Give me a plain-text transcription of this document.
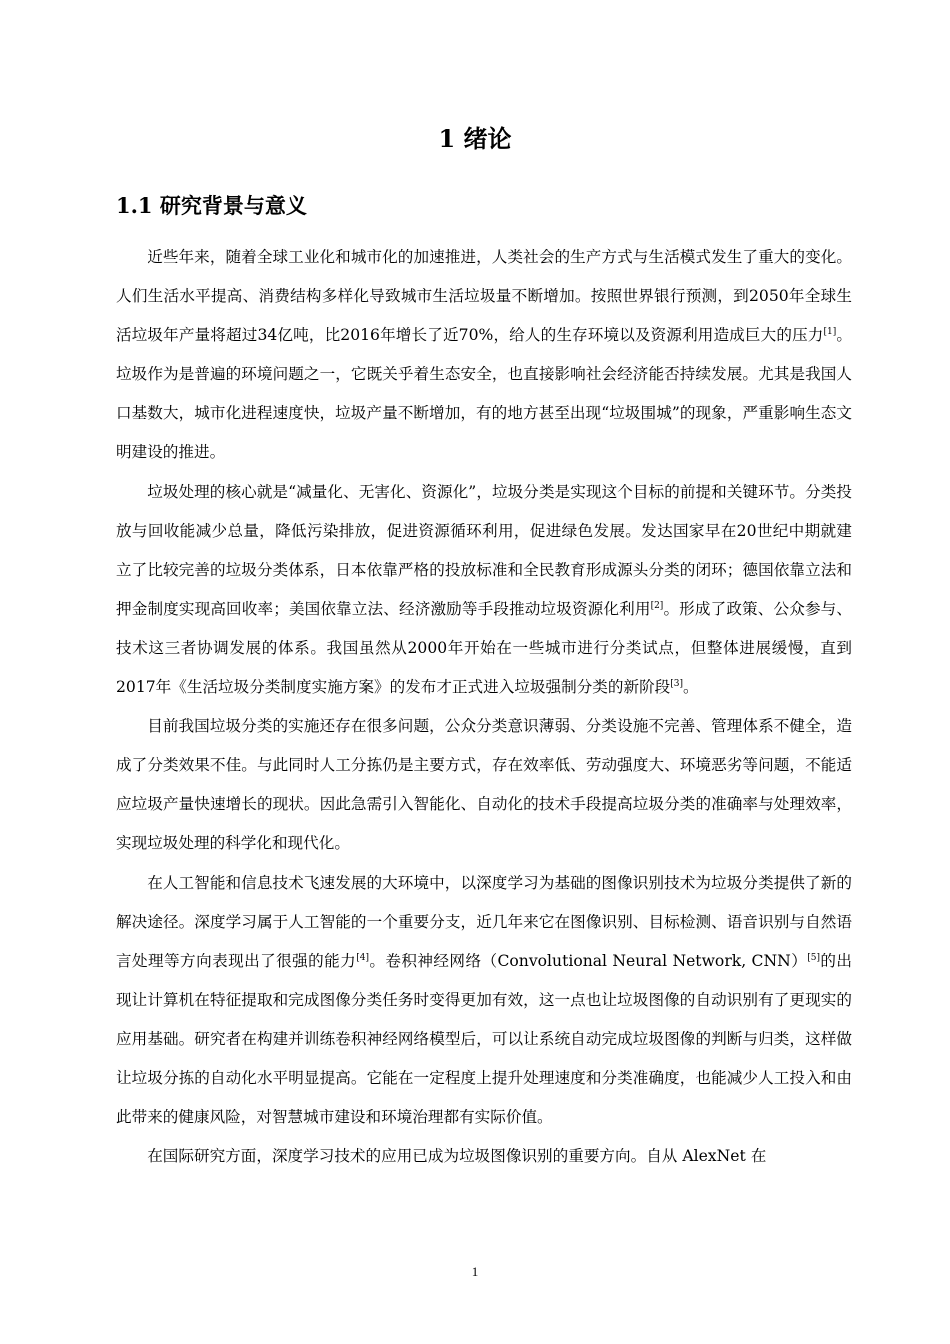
1 绪论
1.1 研究背景与意义

近些年来，随着全球工业化和城市化的加速推进，人类社会的生产方式与生活模式发生了重大的变化。人们生活水平提高、消费结构多样化导致城市生活垃圾量不断增加。按照世界银行预测，到2050年全球生活垃圾年产量将超过34亿吨，比2016年增长了近70%，给人的生存环境以及资源利用造成巨大的压力[1]。垃圾作为是普遍的环境问题之一，它既关乎着生态安全，也直接影响社会经济能否持续发展。尤其是我国人口基数大，城市化进程速度快，垃圾产量不断增加，有的地方甚至出现“垃圾围城”的现象，严重影响生态文明建设的推进。

垃圾处理的核心就是“减量化、无害化、资源化”，垃圾分类是实现这个目标的前提和关键环节。分类投放与回收能减少总量，降低污染排放，促进资源循环利用，促进绿色发展。发达国家早在20世纪中期就建立了比较完善的垃圾分类体系，日本依靠严格的投放标准和全民教育形成源头分类的闭环；德国依靠立法和押金制度实现高回收率；美国依靠立法、经济激励等手段推动垃圾资源化利用[2]。形成了政策、公众参与、技术这三者协调发展的体系。我国虽然从2000年开始在一些城市进行分类试点，但整体进展缓慢，直到2017年《生活垃圾分类制度实施方案》的发布才正式进入垃圾强制分类的新阶段[3]。

目前我国垃圾分类的实施还存在很多问题，公众分类意识薄弱、分类设施不完善、管理体系不健全，造成了分类效果不佳。与此同时人工分拣仍是主要方式，存在效率低、劳动强度大、环境恶劣等问题，不能适应垃圾产量快速增长的现状。因此急需引入智能化、自动化的技术手段提高垃圾分类的准确率与处理效率，实现垃圾处理的科学化和现代化。

在人工智能和信息技术飞速发展的大环境中，以深度学习为基础的图像识别技术为垃圾分类提供了新的解决途径。深度学习属于人工智能的一个重要分支，近几年来它在图像识别、目标检测、语音识别与自然语言处理等方向表现出了很强的能力[4]。卷积神经网络（Convolutional Neural Network, CNN）[5]的出现让计算机在特征提取和完成图像分类任务时变得更加有效，这一点也让垃圾图像的自动识别有了更现实的应用基础。研究者在构建并训练卷积神经网络模型后，可以让系统自动完成垃圾图像的判断与归类，这样做让垃圾分拣的自动化水平明显提高。它能在一定程度上提升处理速度和分类准确度，也能减少人工投入和由此带来的健康风险，对智慧城市建设和环境治理都有实际价值。

在国际研究方面，深度学习技术的应用已成为垃圾图像识别的重要方向。自从 AlexNet 在

1
